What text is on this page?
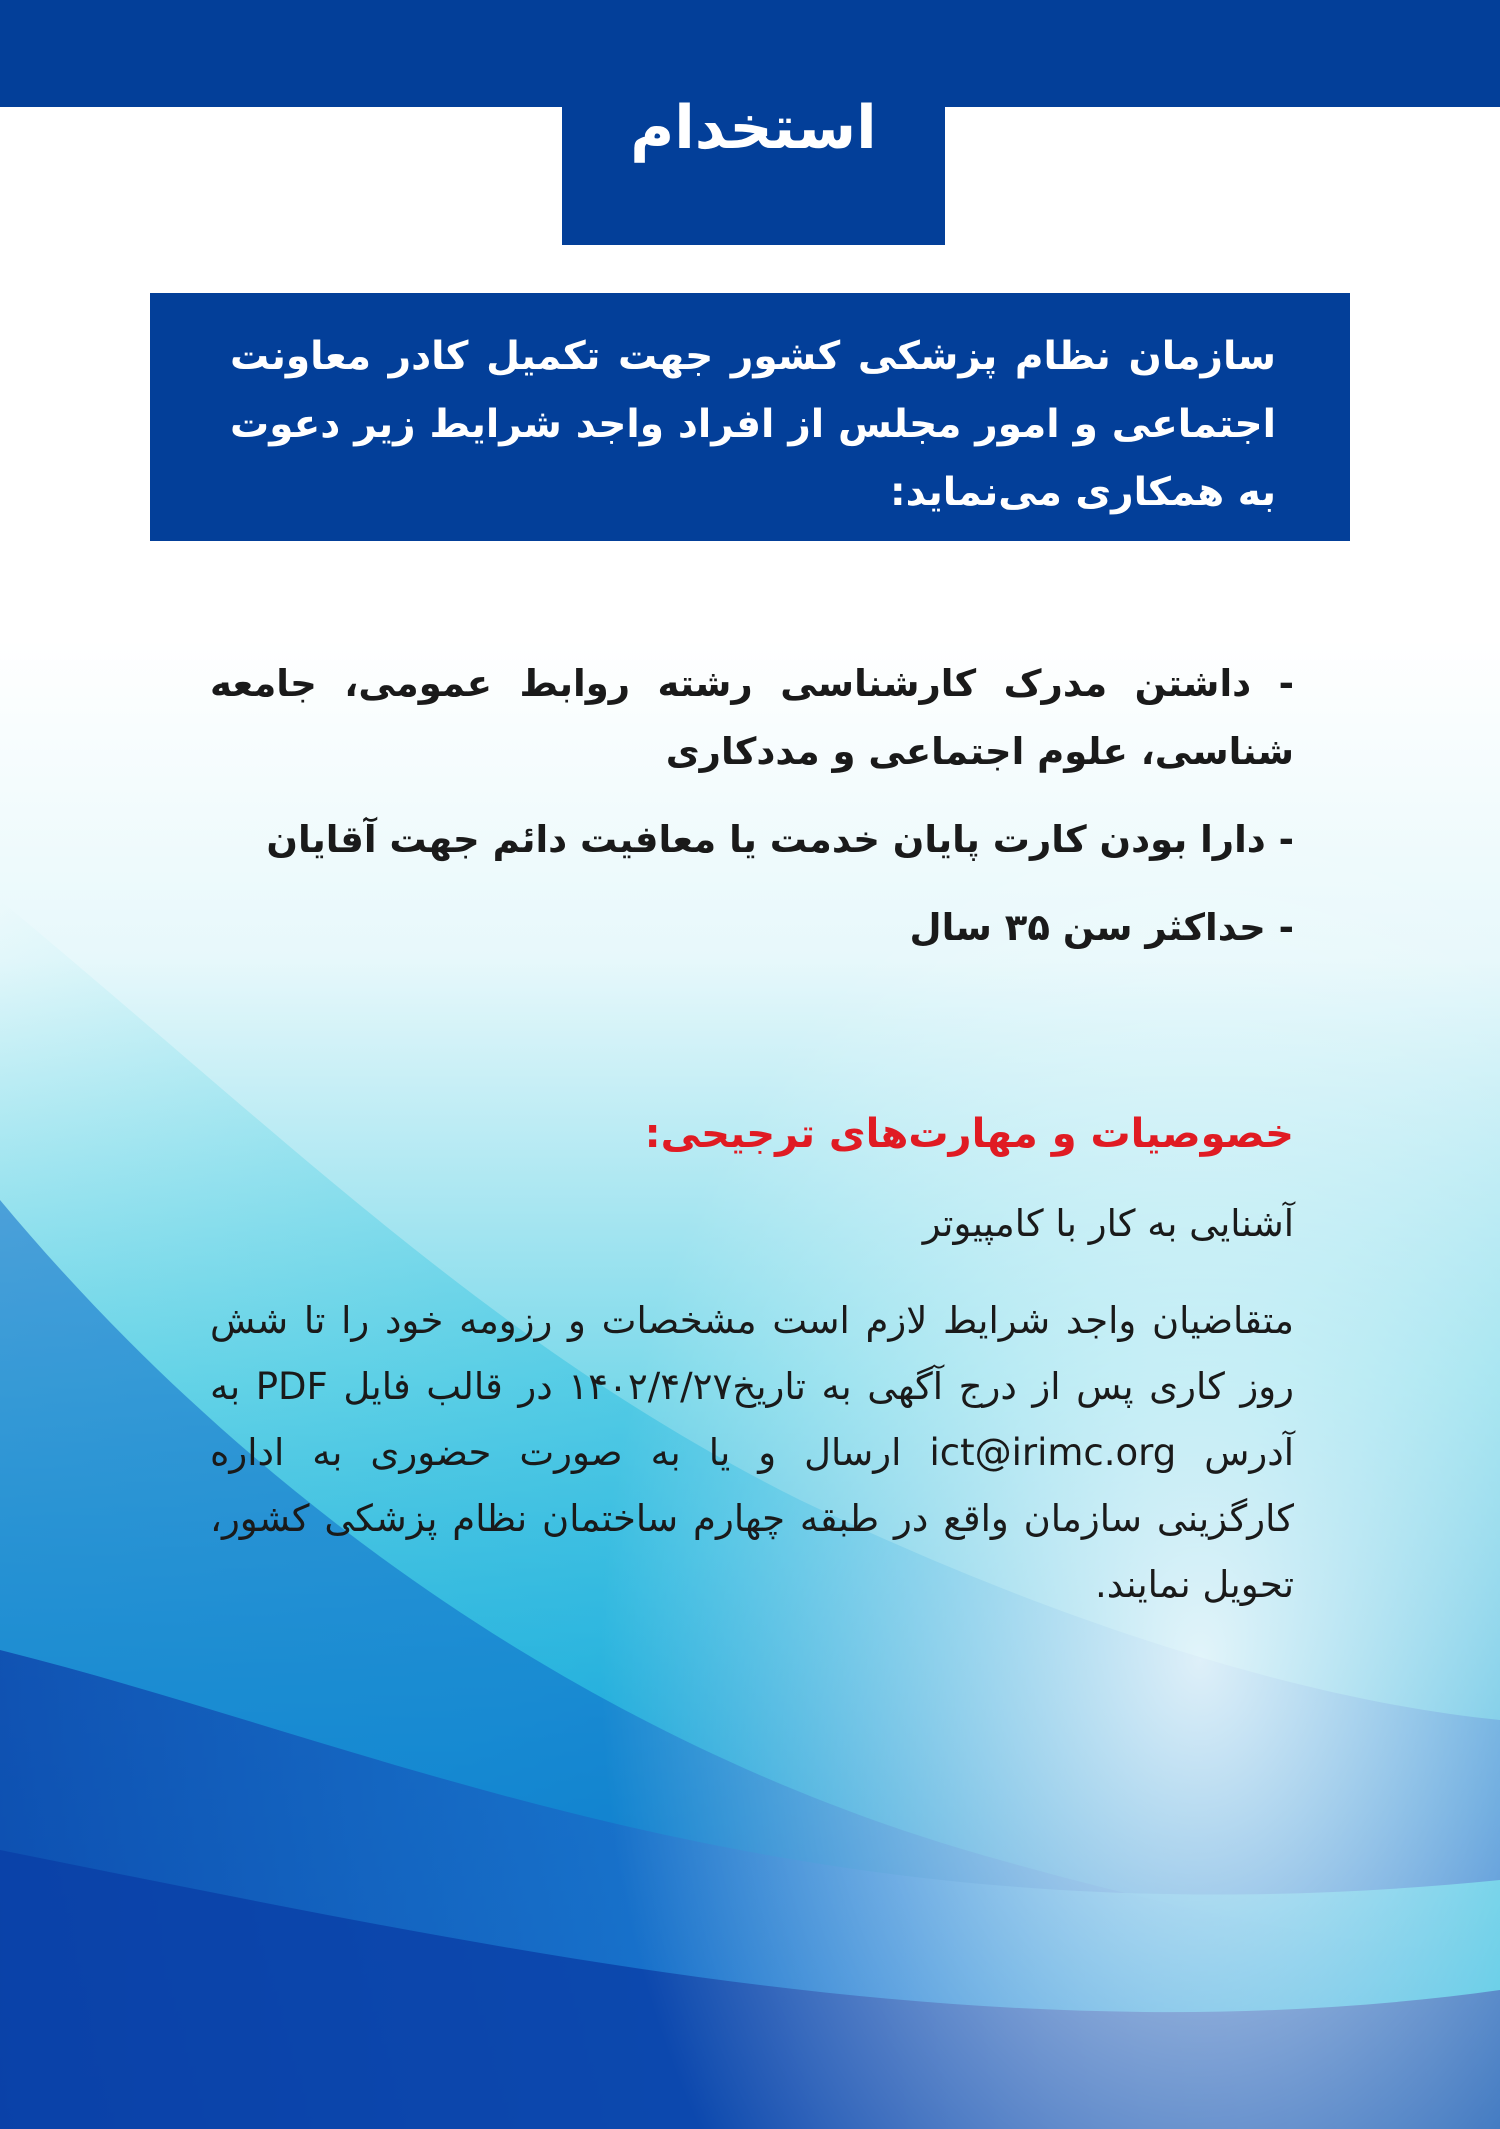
استخدام

سازمان نظام پزشکی کشور جهت تکمیل کادر معاونت اجتماعی و امور مجلس از افراد واجد شرایط زیر دعوت به همکاری می‌نماید:

- داشتن مدرک کارشناسی رشته روابط عمومی، جامعه شناسی، علوم اجتماعی و مددکاری

- دارا بودن کارت پایان خدمت یا معافیت دائم جهت آقایان

- حداکثر سن ۳۵ سال

خصوصیات و مهارت‌های ترجیحی:

آشنایی به کار با کامپیوتر

متقاضیان واجد شرایط لازم است مشخصات و رزومه خود را تا شش روز کاری پس از درج آگهی به تاریخ۱۴۰۲/۴/۲۷ در قالب فایل PDF به آدرس ict@irimc.org ارسال و یا به صورت حضوری به اداره کارگزینی سازمان واقع در طبقه چهارم ساختمان نظام پزشکی کشور، تحویل نمایند.
